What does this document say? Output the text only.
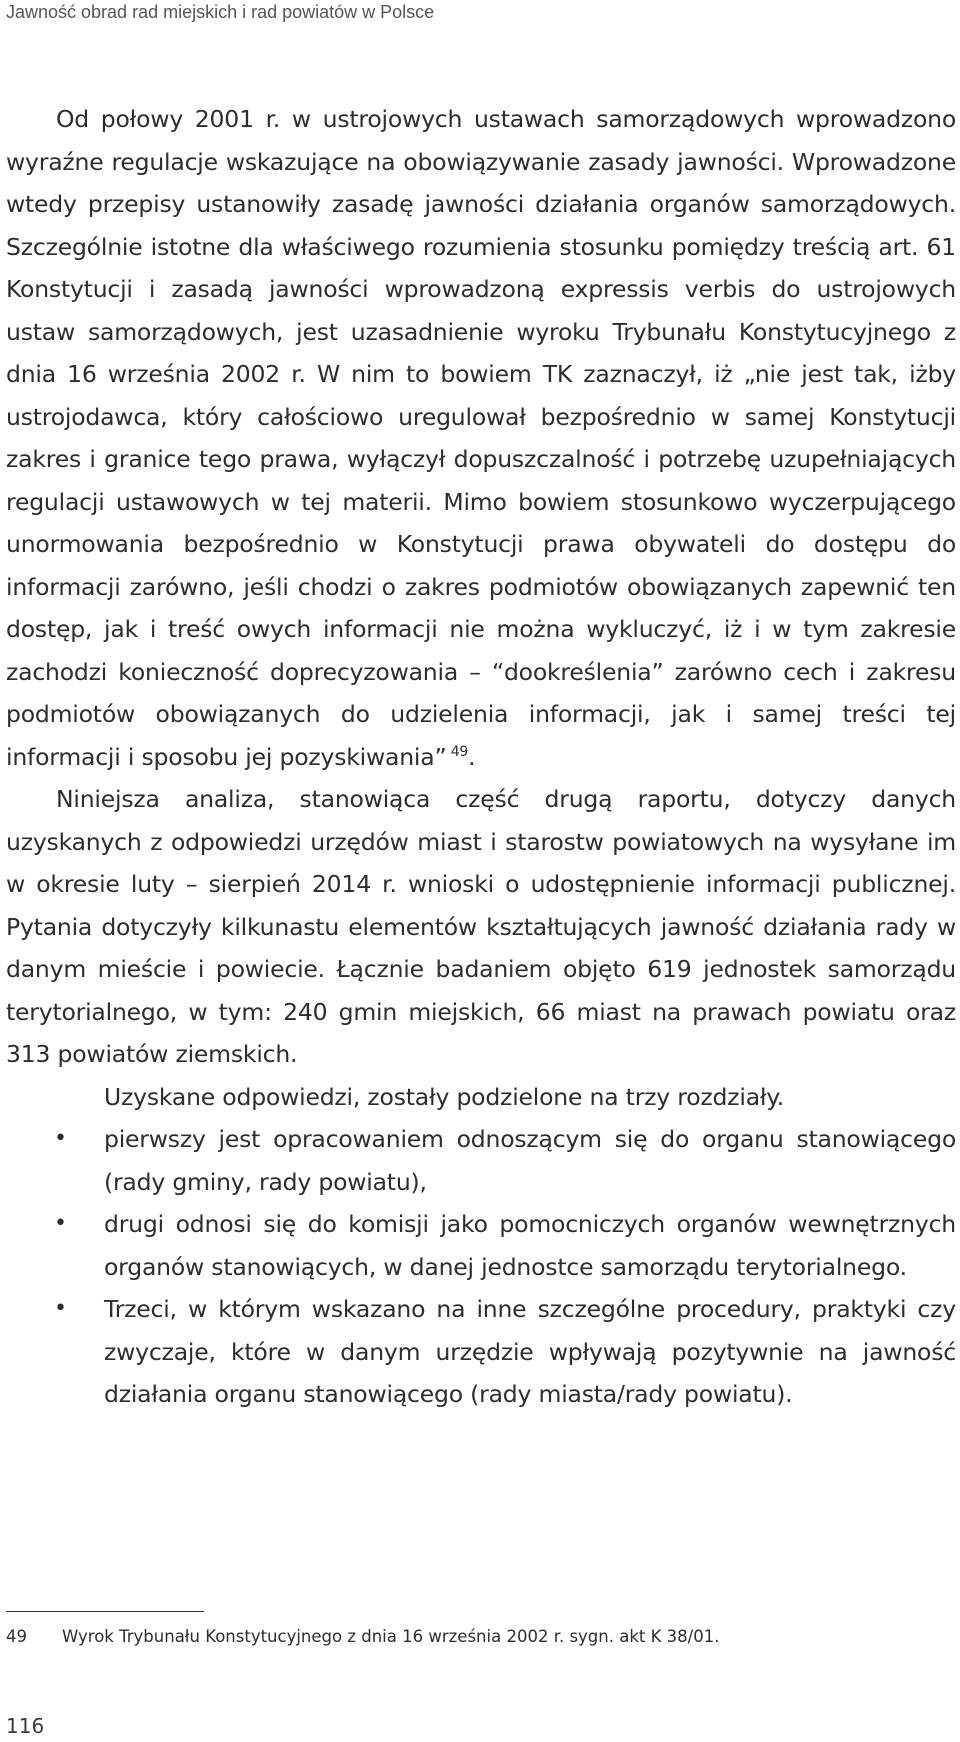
Jawność obrad rad miejskich i rad powiatów w Polsce

Od połowy 2001 r. w ustrojowych ustawach samorządowych wprowadzono wyraźne regulacje wskazujące na obowiązywanie zasady jawności. Wprowadzone wtedy przepisy ustanowiły zasadę jawności działania organów samorządowych. Szczególnie istotne dla właściwego rozumienia stosunku pomiędzy treścią art. 61 Konstytucji i zasadą jawności wprowadzoną expressis verbis do ustrojowych ustaw samorządowych, jest uzasadnienie wyroku Trybunału Konstytucyjnego z dnia 16 września 2002 r. W nim to bowiem TK zaznaczył, iż „nie jest tak, iżby ustrojodawca, który całościowo uregulował bezpośrednio w samej Konstytucji zakres i granice tego prawa, wyłączył dopuszczalność i potrzebę uzupełniających regulacji ustawowych w tej materii. Mimo bowiem stosunkowo wyczerpującego unormowania bezpośrednio w Konstytucji prawa obywateli do dostępu do informacji zarówno, jeśli chodzi o zakres podmiotów obowiązanych zapewnić ten dostęp, jak i treść owych informacji nie można wykluczyć, iż i w tym zakresie zachodzi konieczność doprecyzowania – “dookreślenia” zarówno cech i zakresu podmiotów obowiązanych do udzielenia informacji, jak i samej treści tej informacji i sposobu jej pozyskiwania” $^{49}$.

Niniejsza analiza, stanowiąca część drugą raportu, dotyczy danych uzyskanych z odpowiedzi urzędów miast i starostw powiatowych na wysyłane im w okresie luty – sierpień 2014 r. wnioski o udostępnienie informacji publicznej. Pytania dotyczyły kilkunastu elementów kształtujących jawność działania rady w danym mieście i powiecie. Łącznie badaniem objęto 619 jednostek samorządu terytorialnego, w tym: 240 gmin miejskich, 66 miast na prawach powiatu oraz 313 powiatów ziemskich.

Uzyskane odpowiedzi, zostały podzielone na trzy rozdziały.

• pierwszy jest opracowaniem odnoszącym się do organu stanowiącego (rady gminy, rady powiatu),
• drugi odnosi się do komisji jako pomocniczych organów wewnętrznych organów stanowiących, w danej jednostce samorządu terytorialnego.
• Trzeci, w którym wskazano na inne szczególne procedury, praktyki czy zwyczaje, które w danym urzędzie wpływają pozytywnie na jawność działania organu stanowiącego (rady miasta/rady powiatu).
49 Wyrok Trybunału Konstytucyjnego z dnia 16 września 2002 r. sygn. akt K 38/01.
116
